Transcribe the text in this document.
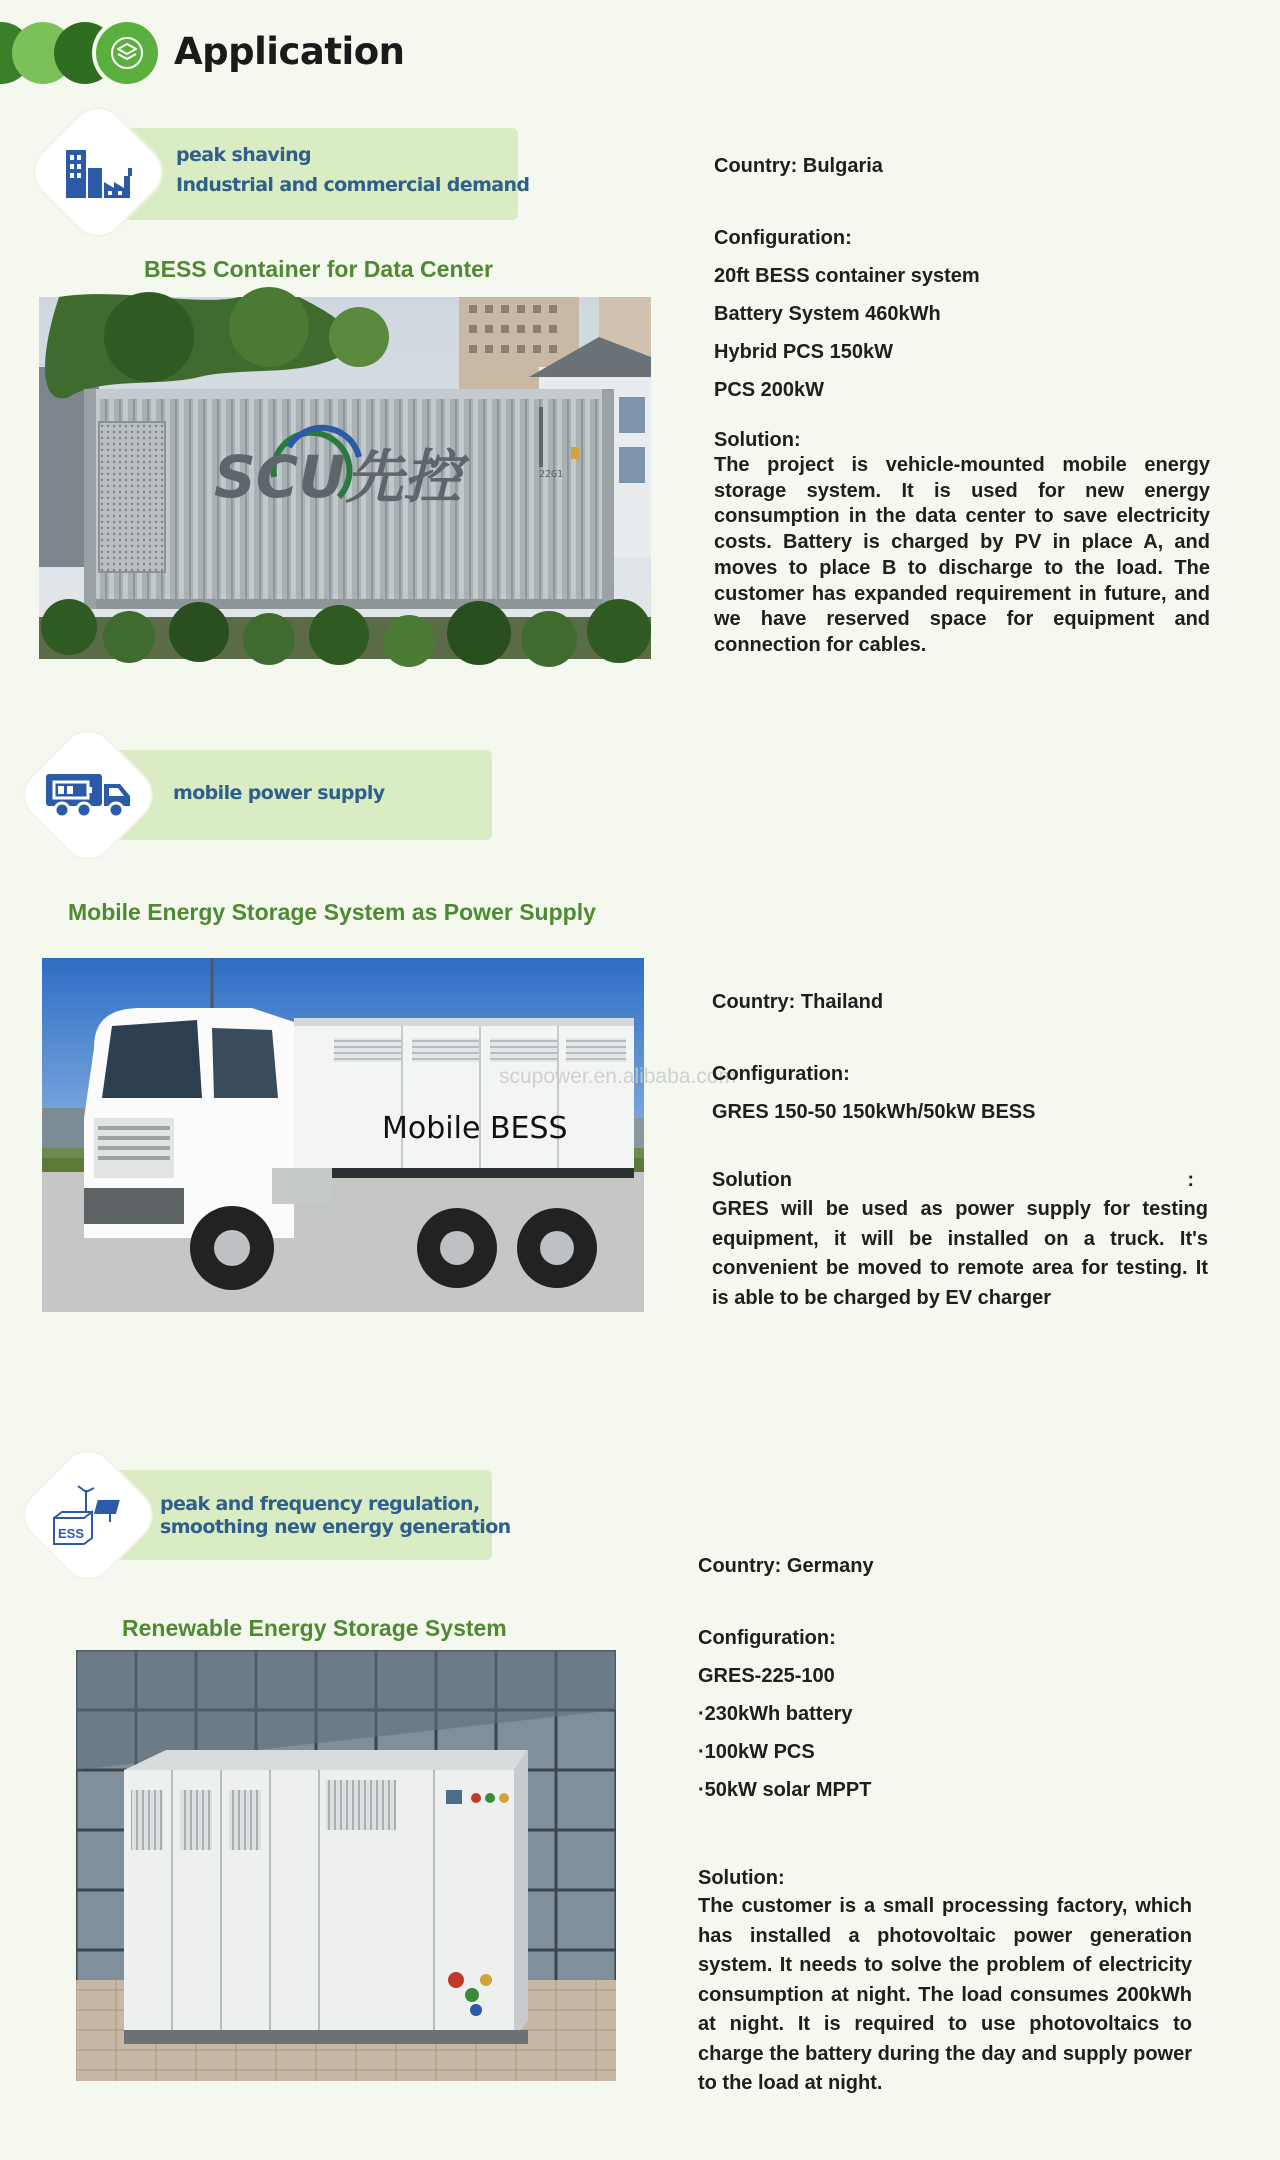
Application
peak shaving
Industrial and commercial demand
BESS Container for Data Center
SCU先控	22G1
Country: Bulgaria
Configuration:
20ft BESS container system
Battery System 460kWh
Hybrid PCS 150kW
PCS 200kW
Solution:
The project is vehicle-mounted mobile energy storage system. It is used for new energy consumption in the data center to save electricity costs. Battery is charged by PV in place A, and moves to place B to discharge to the load. The customer has expanded requirement in future, and we have reserved space for equipment and connection for cables.
mobile power supply
Mobile Energy Storage System as Power Supply
Mobile BESS
scupower.en.alibaba.com
Country: Thailand
Configuration:
GRES 150-50 150kWh/50kW BESS
Solution	:
GRES will be used as power supply for testing equipment, it will be installed on a truck. It's convenient be moved to remote area for testing. It is able to be charged by EV charger
ESS
peak and frequency regulation,
smoothing new energy generation
Renewable Energy Storage System
Country: Germany
Configuration:
GRES-225-100
·230kWh battery
·100kW PCS
·50kW solar MPPT
Solution:
The customer is a small processing factory, which has installed a photovoltaic power generation system. It needs to solve the problem of electricity consumption at night. The load consumes 200kWh at night. It is required to use photovoltaics to charge the battery during the day and supply power to the load at night.
